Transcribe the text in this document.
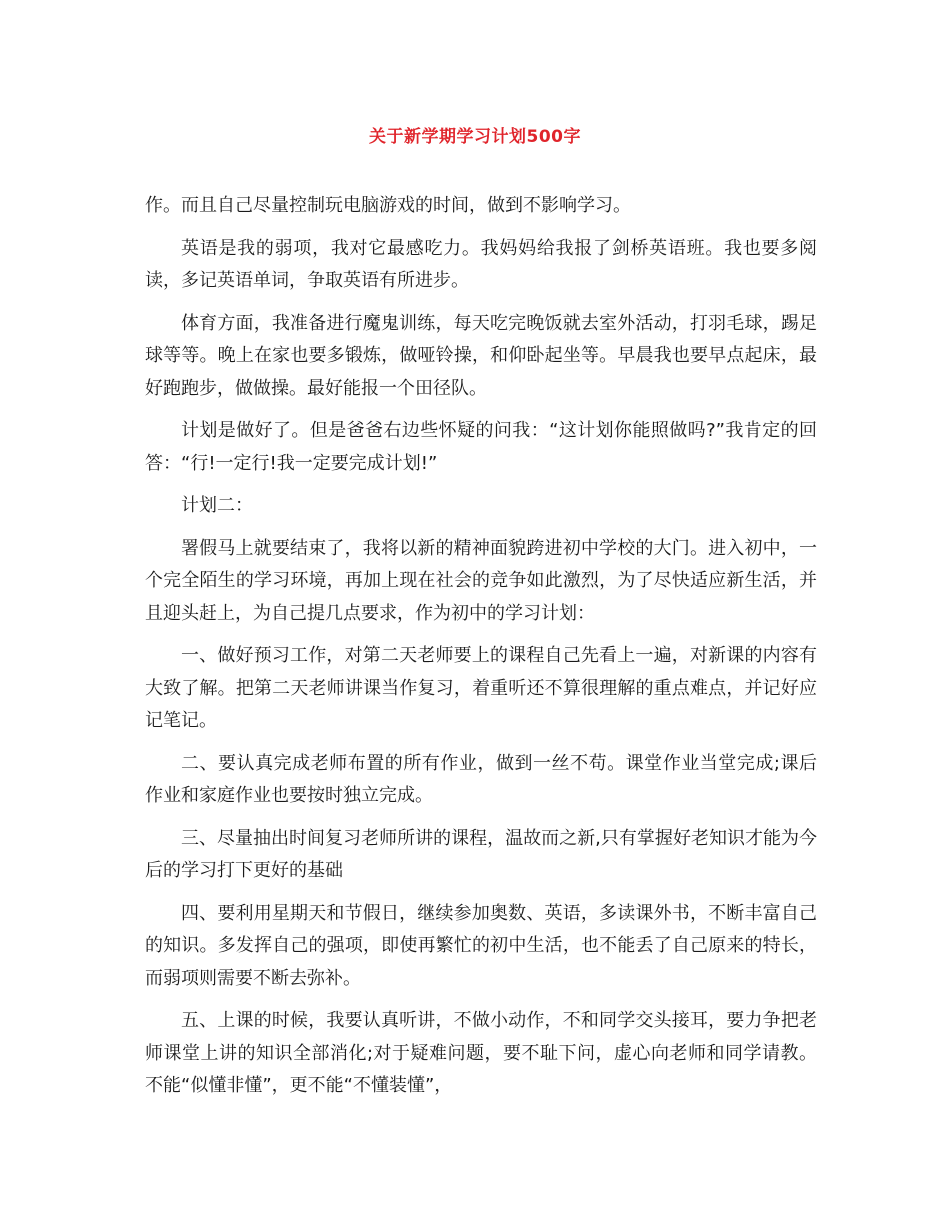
关于新学期学习计划500字

作。而且自己尽量控制玩电脑游戏的时间，做到不影响学习。

英语是我的弱项，我对它最感吃力。我妈妈给我报了剑桥英语班。我也要多阅读，多记英语单词，争取英语有所进步。

体育方面，我准备进行魔鬼训练，每天吃完晚饭就去室外活动，打羽毛球，踢足球等等。晚上在家也要多锻炼，做哑铃操，和仰卧起坐等。早晨我也要早点起床，最好跑跑步，做做操。最好能报一个田径队。

计划是做好了。但是爸爸右边些怀疑的问我：“这计划你能照做吗?”我肯定的回答：“行!一定行!我一定要完成计划!”

计划二：

署假马上就要结束了，我将以新的精神面貌跨进初中学校的大门。进入初中，一个完全陌生的学习环境，再加上现在社会的竞争如此激烈，为了尽快适应新生活，并且迎头赶上，为自己提几点要求，作为初中的学习计划：

一、做好预习工作，对第二天老师要上的课程自己先看上一遍，对新课的内容有大致了解。把第二天老师讲课当作复习，着重听还不算很理解的重点难点，并记好应记笔记。

二、要认真完成老师布置的所有作业，做到一丝不苟。课堂作业当堂完成;课后作业和家庭作业也要按时独立完成。

三、尽量抽出时间复习老师所讲的课程，温故而之新,只有掌握好老知识才能为今后的学习打下更好的基础

四、要利用星期天和节假日，继续参加奥数、英语，多读课外书，不断丰富自己的知识。多发挥自己的强项，即使再繁忙的初中生活，也不能丢了自己原来的特长，而弱项则需要不断去弥补。

五、上课的时候，我要认真听讲，不做小动作，不和同学交头接耳，要力争把老师课堂上讲的知识全部消化;对于疑难问题，要不耻下问，虚心向老师和同学请教。不能“似懂非懂”，更不能“不懂装懂”，
